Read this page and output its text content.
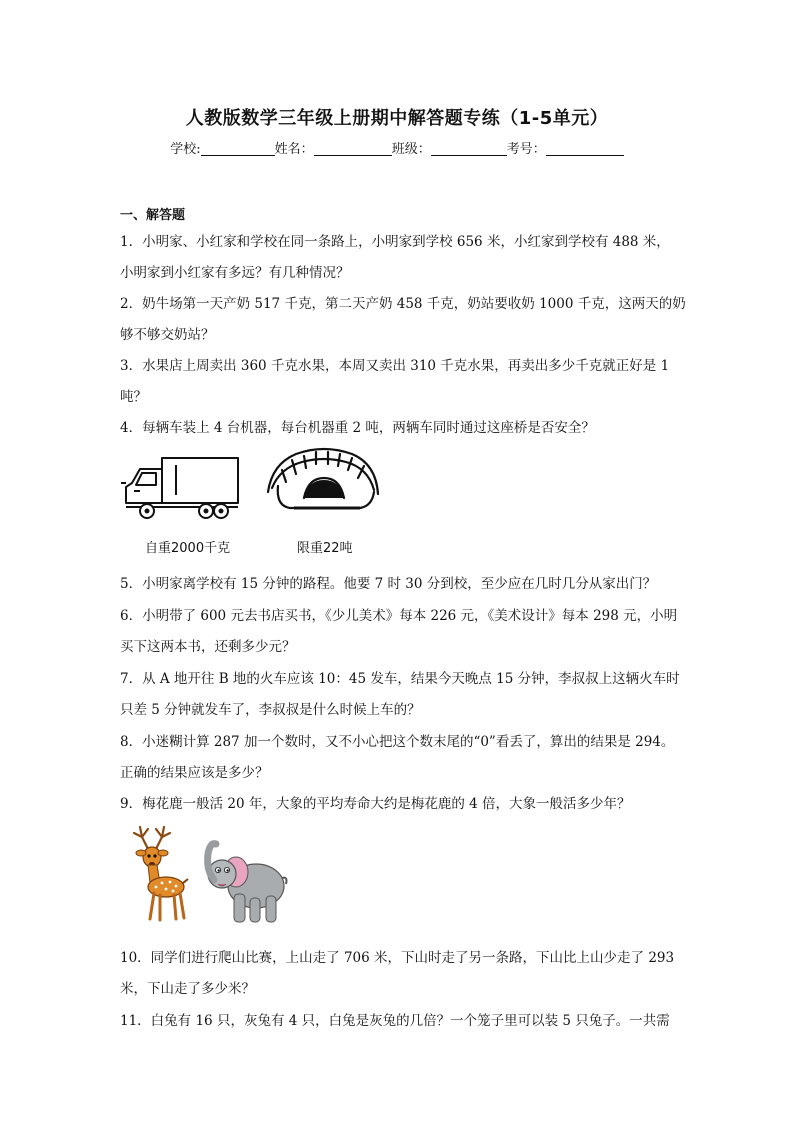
人教版数学三年级上册期中解答题专练（1-5单元）
学校:	姓名：	班级：	考号：
一、解答题
1．小明家、小红家和学校在同一条路上，小明家到学校 656 米，小红家到学校有 488 米，
小明家到小红家有多远？有几种情况？
2．奶牛场第一天产奶 517 千克，第二天产奶 458 千克，奶站要收奶 1000 千克，这两天的奶
够不够交奶站？
3．水果店上周卖出 360 千克水果，本周又卖出 310 千克水果，再卖出多少千克就正好是 1
吨？
4．每辆车装上 4 台机器，每台机器重 2 吨，两辆车同时通过这座桥是否安全？
自重2000千克	限重22吨
5．小明家离学校有 15 分钟的路程。他要 7 时 30 分到校，至少应在几时几分从家出门？
6．小明带了 600 元去书店买书，《少儿美术》每本 226 元，《美术设计》每本 298 元，小明
买下这两本书，还剩多少元？
7．从 A 地开往 B 地的火车应该 10：45 发车，结果今天晚点 15 分钟，李叔叔上这辆火车时
只差 5 分钟就发车了，李叔叔是什么时候上车的？
8．小迷糊计算 287 加一个数时，又不小心把这个数末尾的“0”看丢了，算出的结果是 294。
正确的结果应该是多少？
9．梅花鹿一般活 20 年，大象的平均寿命大约是梅花鹿的 4 倍，大象一般活多少年？
10．同学们进行爬山比赛，上山走了 706 米，下山时走了另一条路，下山比上山少走了 293
米，下山走了多少米？
11．白兔有 16 只，灰兔有 4 只，白兔是灰兔的几倍？一个笼子里可以装 5 只兔子。一共需
